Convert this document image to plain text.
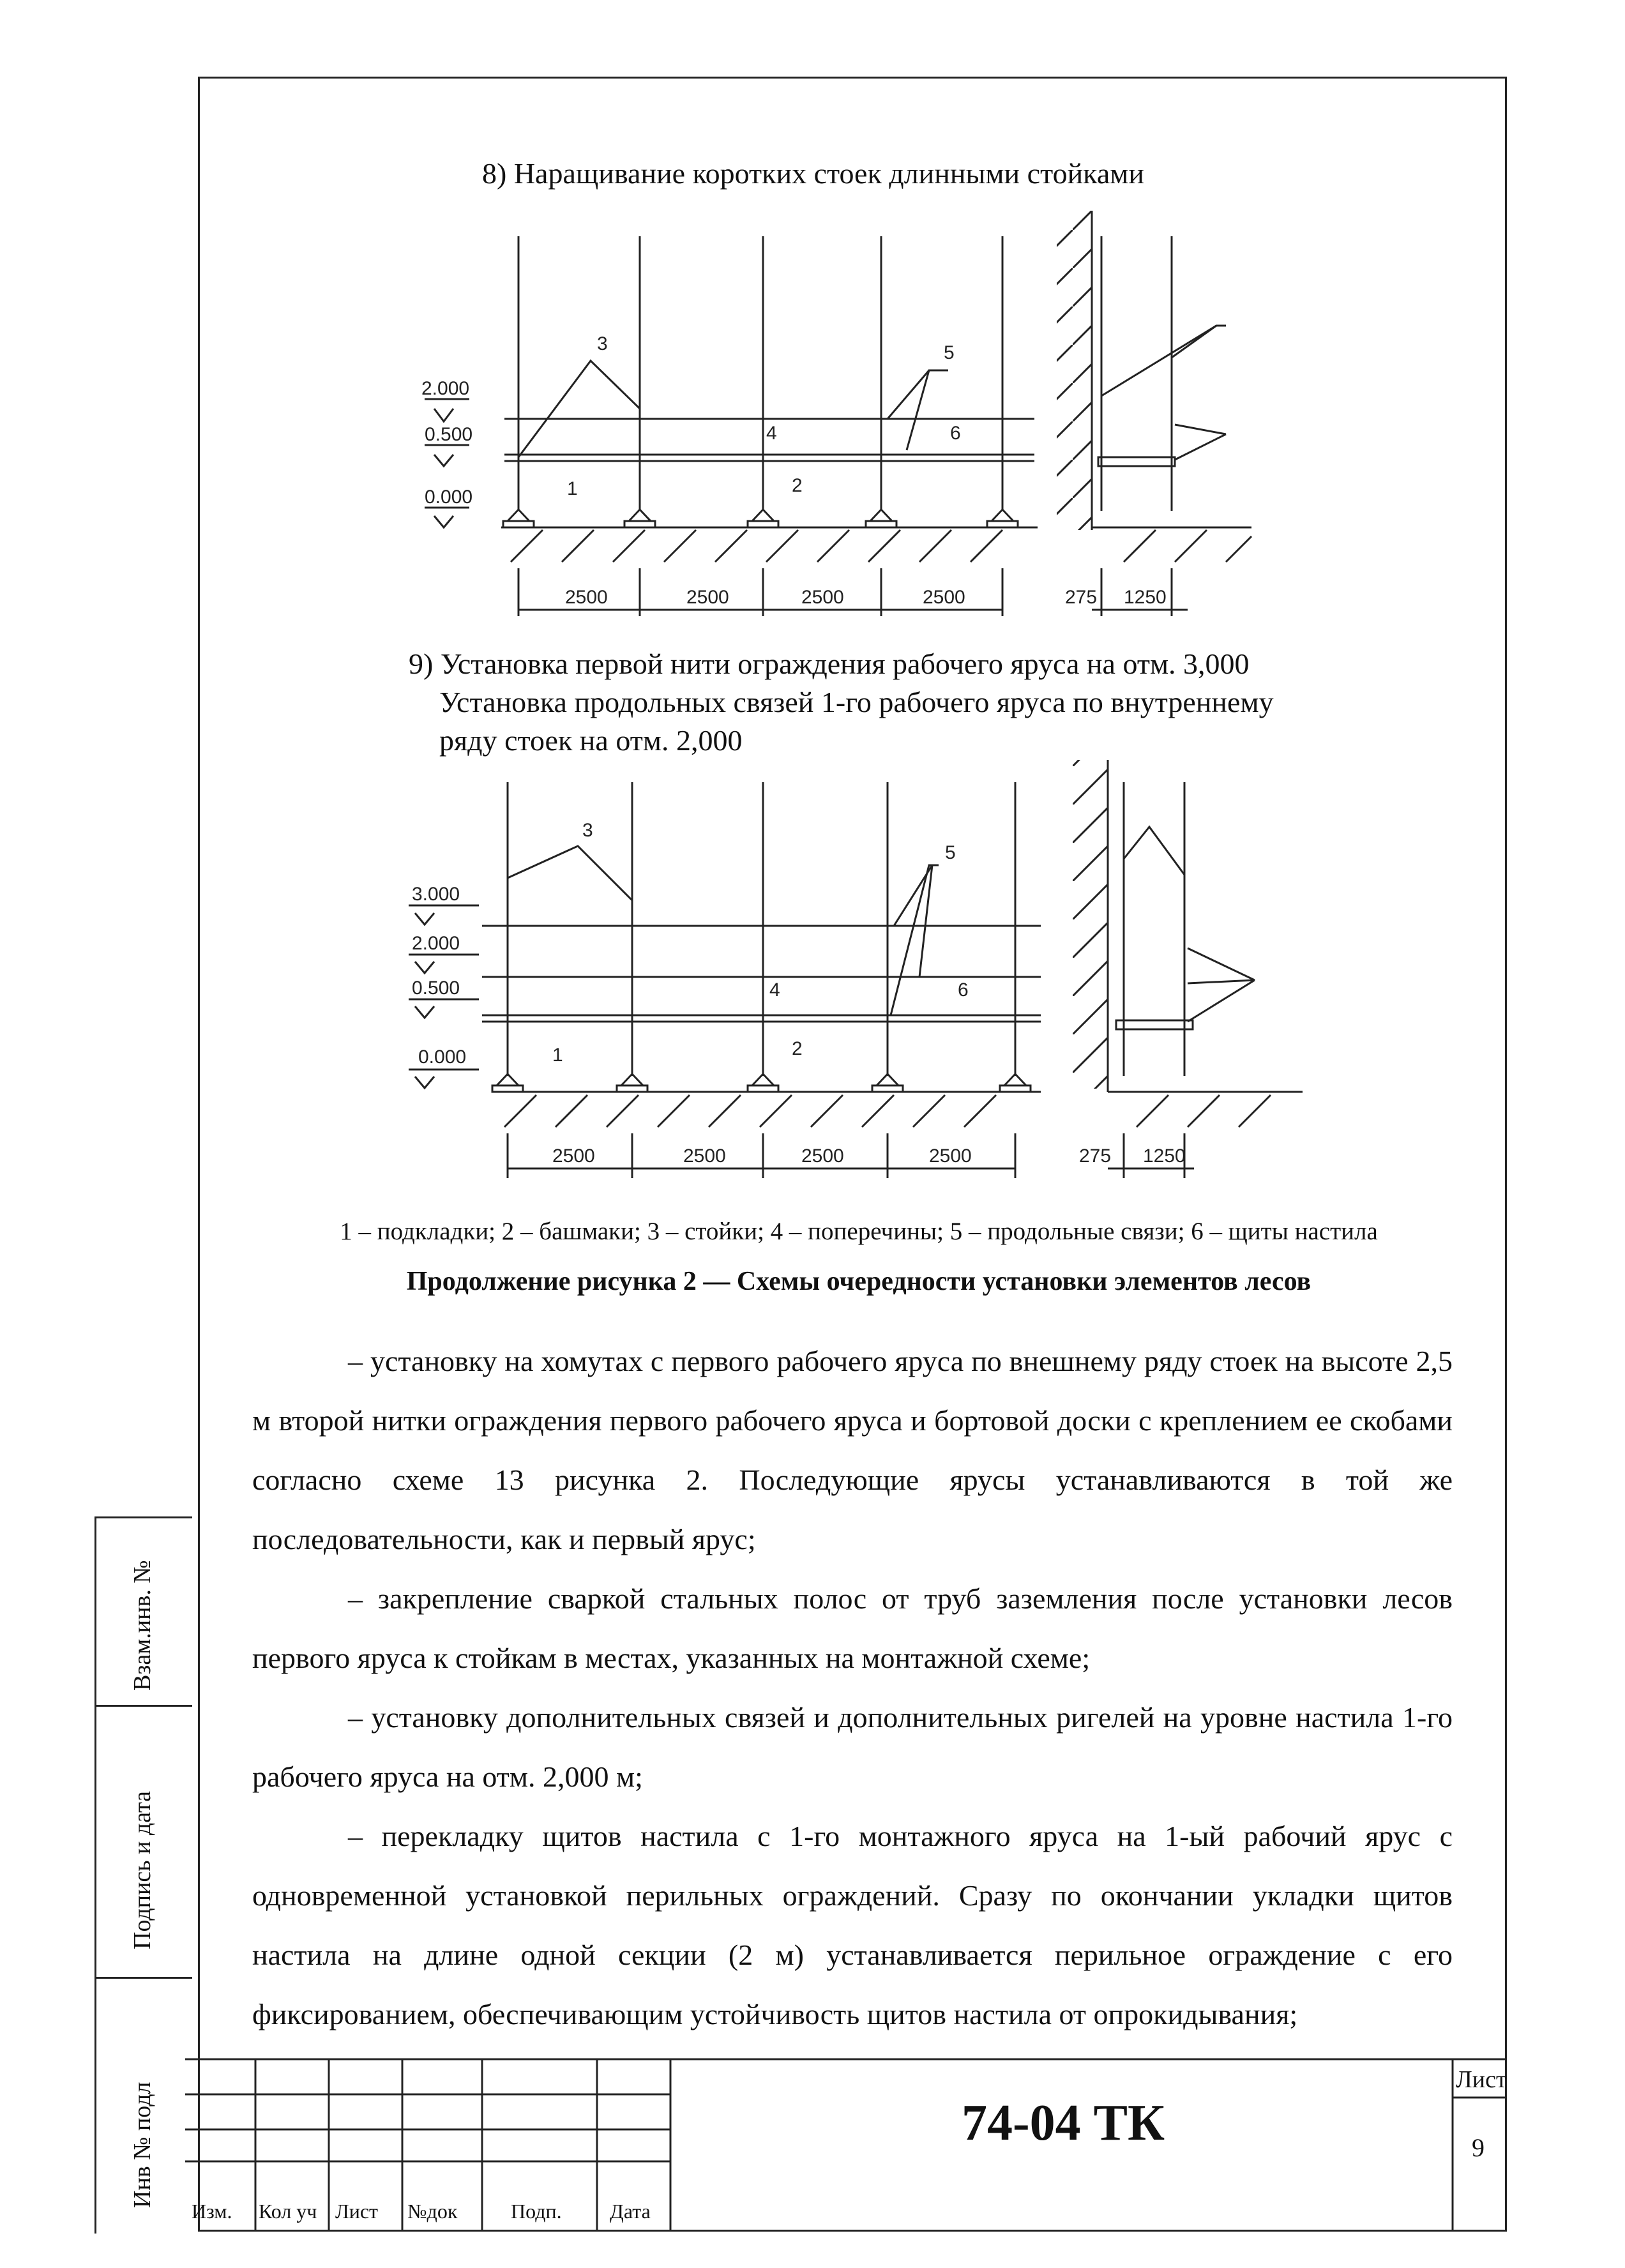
8) Наращивание коротких стоек длинными стойками
2.000
0.500
0.000
2500	2500	2500	2500	275 1250
1	2
3
4
5
6
3.000
2.000
0.500
0.000
2500	2500	2500	2500	275 1250
1	2
3
4
5
6
9) Установка первой нити ограждения рабочего яруса на отм. 3,000
Установка продольных связей 1-го рабочего яруса по внутреннему
ряду стоек на отм. 2,000
1 – подкладки; 2 – башмаки; 3 – стойки; 4 – поперечины; 5 – продольные связи; 6 – щиты настила
Продолжение рисунка 2 — Схемы очередности установки элементов лесов

– установку на хомутах с первого рабочего яруса по внешнему ряду стоек на высоте 2,5 м второй нитки ограждения первого рабочего яруса и бортовой доски с креплением ее скобами согласно схеме 13 рисунка 2. Последующие ярусы устанавливаются в той же последовательности, как и первый ярус;

– закрепление сваркой стальных полос от труб заземления после установки лесов первого яруса к стойкам в местах, указанных на монтажной схеме;

– установку дополнительных связей и дополнительных ригелей на уровне настила 1-го рабочего яруса на отм. 2,000 м;

– перекладку щитов настила с 1-го монтажного яруса на 1-ый рабочий ярус с одновременной установкой перильных ограждений. Сразу по окончании укладки щитов настила на длине одной секции (2 м) устанавливается перильное ограждение с его фиксированием, обеспечивающим устойчивость щитов настила от опрокидывания;

Взам.инв. №
Подпись и дата
Инв № подл
Изм. Кол уч Лист №док	Подп. Дата
74-04 ТК
Лист
9
